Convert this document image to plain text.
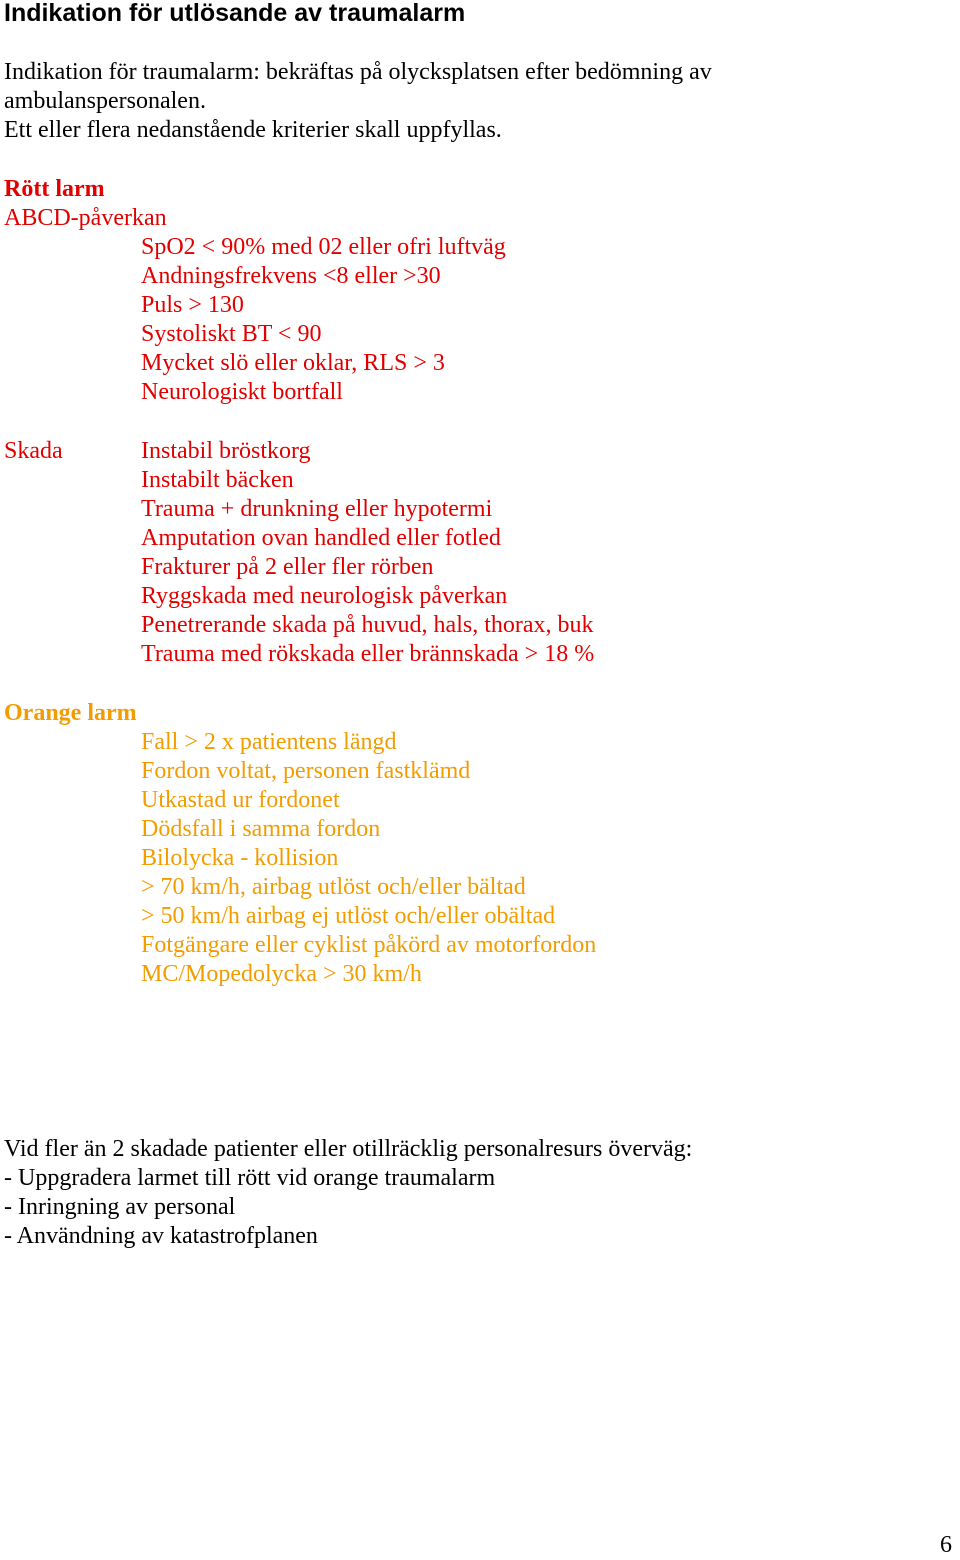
Indikation för utlösande av traumalarm
Indikation för traumalarm: bekräftas på olycksplatsen efter bedömning av
ambulanspersonalen.
Ett eller flera nedanstående kriterier skall uppfyllas.
Rött larm
ABCD-påverkan
SpO2 < 90% med 02 eller ofri luftväg
Andningsfrekvens <8 eller >30
Puls > 130
Systoliskt BT < 90
Mycket slö eller oklar, RLS > 3
Neurologiskt bortfall
Skada	Instabil bröstkorg
Instabilt bäcken
Trauma + drunkning eller hypotermi
Amputation ovan handled eller fotled
Frakturer på 2 eller fler rörben
Ryggskada med neurologisk påverkan
Penetrerande skada på huvud, hals, thorax, buk
Trauma med rökskada eller brännskada > 18 %
Orange larm
Fall > 2 x patientens längd
Fordon voltat, personen fastklämd
Utkastad ur fordonet
Dödsfall i samma fordon
Bilolycka - kollision
> 70 km/h, airbag utlöst och/eller bältad
> 50 km/h airbag ej utlöst och/eller obältad
Fotgängare eller cyklist påkörd av motorfordon
MC/Mopedolycka > 30 km/h
Vid fler än 2 skadade patienter eller otillräcklig personalresurs överväg:
- Uppgradera larmet till rött vid orange traumalarm
- Inringning av personal
- Användning av katastrofplanen
6
